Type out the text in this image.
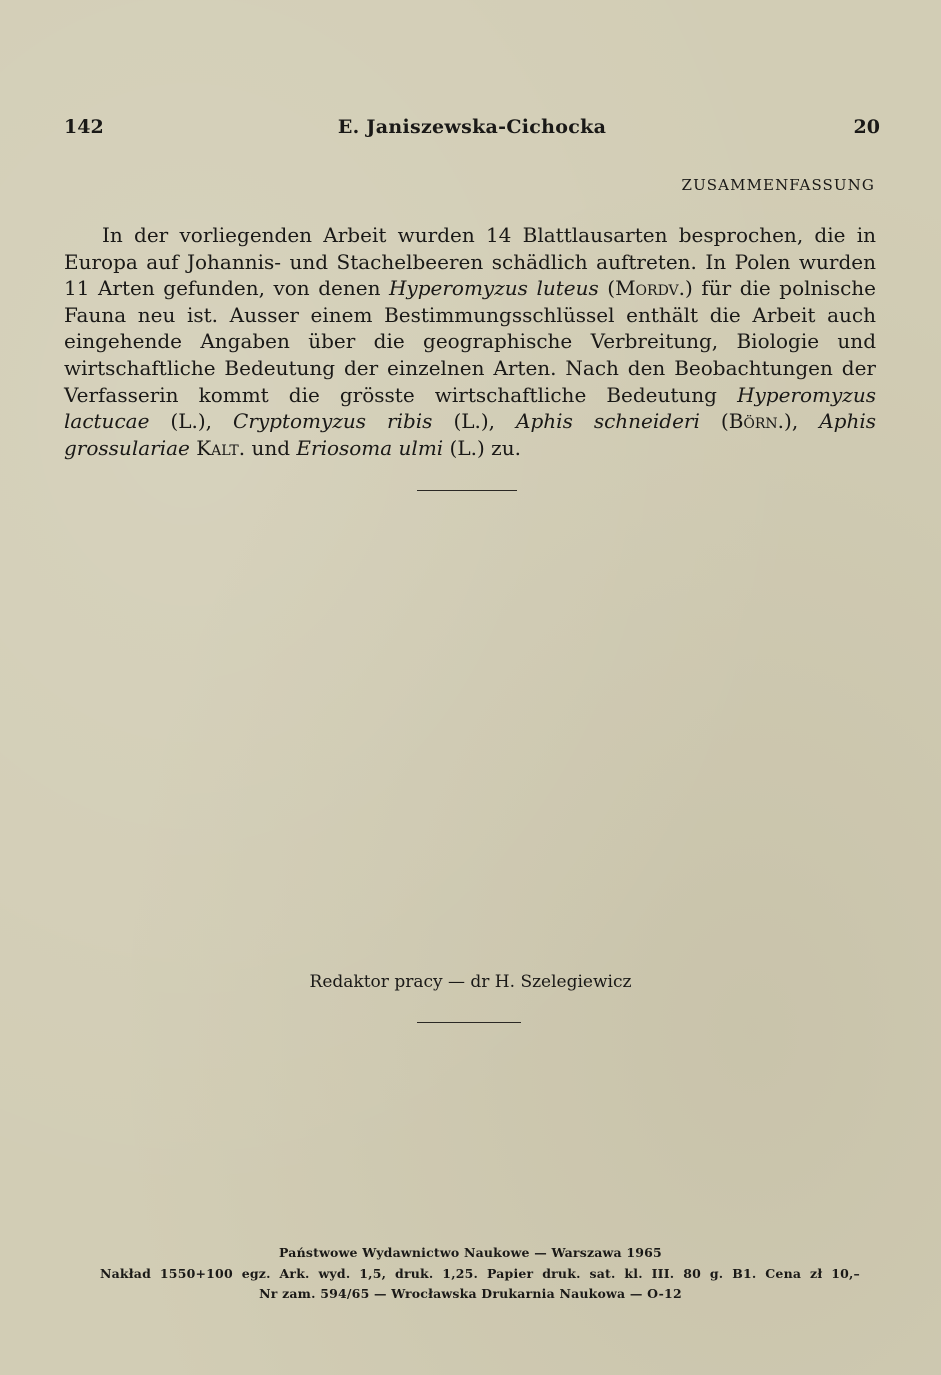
142	E. Janiszewska-Cichocka	20
ZUSAMMENFASSUNG

In der vorliegenden Arbeit wurden 14 Blattlausarten besprochen, die in Europa auf Johannis- und Stachelbeeren schädlich auftreten. In Polen wurden 11 Arten gefunden, von denen Hyperomyzus luteus (Mordv.) für die polnische Fauna neu ist. Ausser einem Bestimmungsschlüssel enthält die Arbeit auch eingehende Angaben über die geographische Verbreitung, Biologie und wirtschaftliche Bedeutung der einzelnen Arten. Nach den Beobachtungen der Verfasserin kommt die grösste wirtschaftliche Bedeutung Hyperomyzus lactucae (L.), Cryptomyzus ribis (L.), Aphis schneideri (Börn.), Aphis grossulariae Kalt. und Eriosoma ulmi (L.) zu.

Redaktor pracy — dr H. Szelegiewicz
Państwowe Wydawnictwo Naukowe — Warszawa 1965
Nakład 1550+100 egz. Ark. wyd. 1,5, druk. 1,25. Papier druk. sat. kl. III. 80 g. B1. Cena zł 10,–
Nr zam. 594/65 — Wrocławska Drukarnia Naukowa — O-12
